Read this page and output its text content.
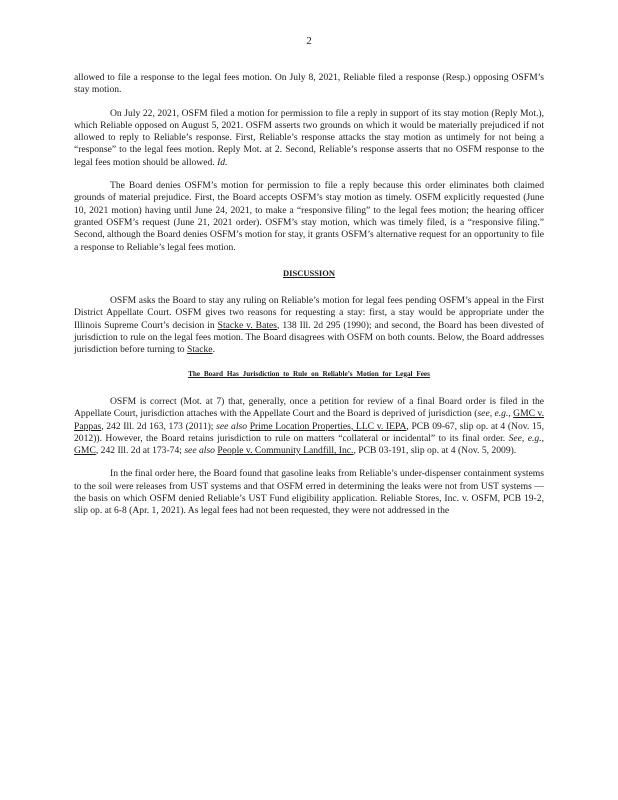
2

allowed to file a response to the legal fees motion. On July 8, 2021, Reliable filed a response (Resp.) opposing OSFM’s stay motion.

On July 22, 2021, OSFM filed a motion for permission to file a reply in support of its stay motion (Reply Mot.), which Reliable opposed on August 5, 2021. OSFM asserts two grounds on which it would be materially prejudiced if not allowed to reply to Reliable’s response. First, Reliable’s response attacks the stay motion as untimely for not being a “response” to the legal fees motion. Reply Mot. at 2. Second, Reliable’s response asserts that no OSFM response to the legal fees motion should be allowed. Id.

The Board denies OSFM’s motion for permission to file a reply because this order eliminates both claimed grounds of material prejudice. First, the Board accepts OSFM’s stay motion as timely. OSFM explicitly requested (June 10, 2021 motion) having until June 24, 2021, to make a “responsive filing” to the legal fees motion; the hearing officer granted OSFM’s request (June 21, 2021 order). OSFM’s stay motion, which was timely filed, is a “responsive filing.” Second, although the Board denies OSFM’s motion for stay, it grants OSFM’s alternative request for an opportunity to file a response to Reliable’s legal fees motion.

DISCUSSION

OSFM asks the Board to stay any ruling on Reliable’s motion for legal fees pending OSFM’s appeal in the First District Appellate Court. OSFM gives two reasons for requesting a stay: first, a stay would be appropriate under the Illinois Supreme Court’s decision in Stacke v. Bates, 138 Ill. 2d 295 (1990); and second, the Board has been divested of jurisdiction to rule on the legal fees motion. The Board disagrees with OSFM on both counts. Below, the Board addresses jurisdiction before turning to Stacke.

The Board Has Jurisdiction to Rule on Reliable’s Motion for Legal Fees

OSFM is correct (Mot. at 7) that, generally, once a petition for review of a final Board order is filed in the Appellate Court, jurisdiction attaches with the Appellate Court and the Board is deprived of jurisdiction (see, e.g., GMC v. Pappas, 242 Ill. 2d 163, 173 (2011); see also Prime Location Properties, LLC v. IEPA, PCB 09-67, slip op. at 4 (Nov. 15, 2012)). However, the Board retains jurisdiction to rule on matters “collateral or incidental” to its final order. See, e.g., GMC, 242 Ill. 2d at 173-74; see also People v. Community Landfill, Inc., PCB 03-191, slip op. at 4 (Nov. 5, 2009).

In the final order here, the Board found that gasoline leaks from Reliable’s under-dispenser containment systems to the soil were releases from UST systems and that OSFM erred in determining the leaks were not from UST systems — the basis on which OSFM denied Reliable’s UST Fund eligibility application. Reliable Stores, Inc. v. OSFM, PCB 19-2, slip op. at 6-8 (Apr. 1, 2021). As legal fees had not been requested, they were not addressed in the
